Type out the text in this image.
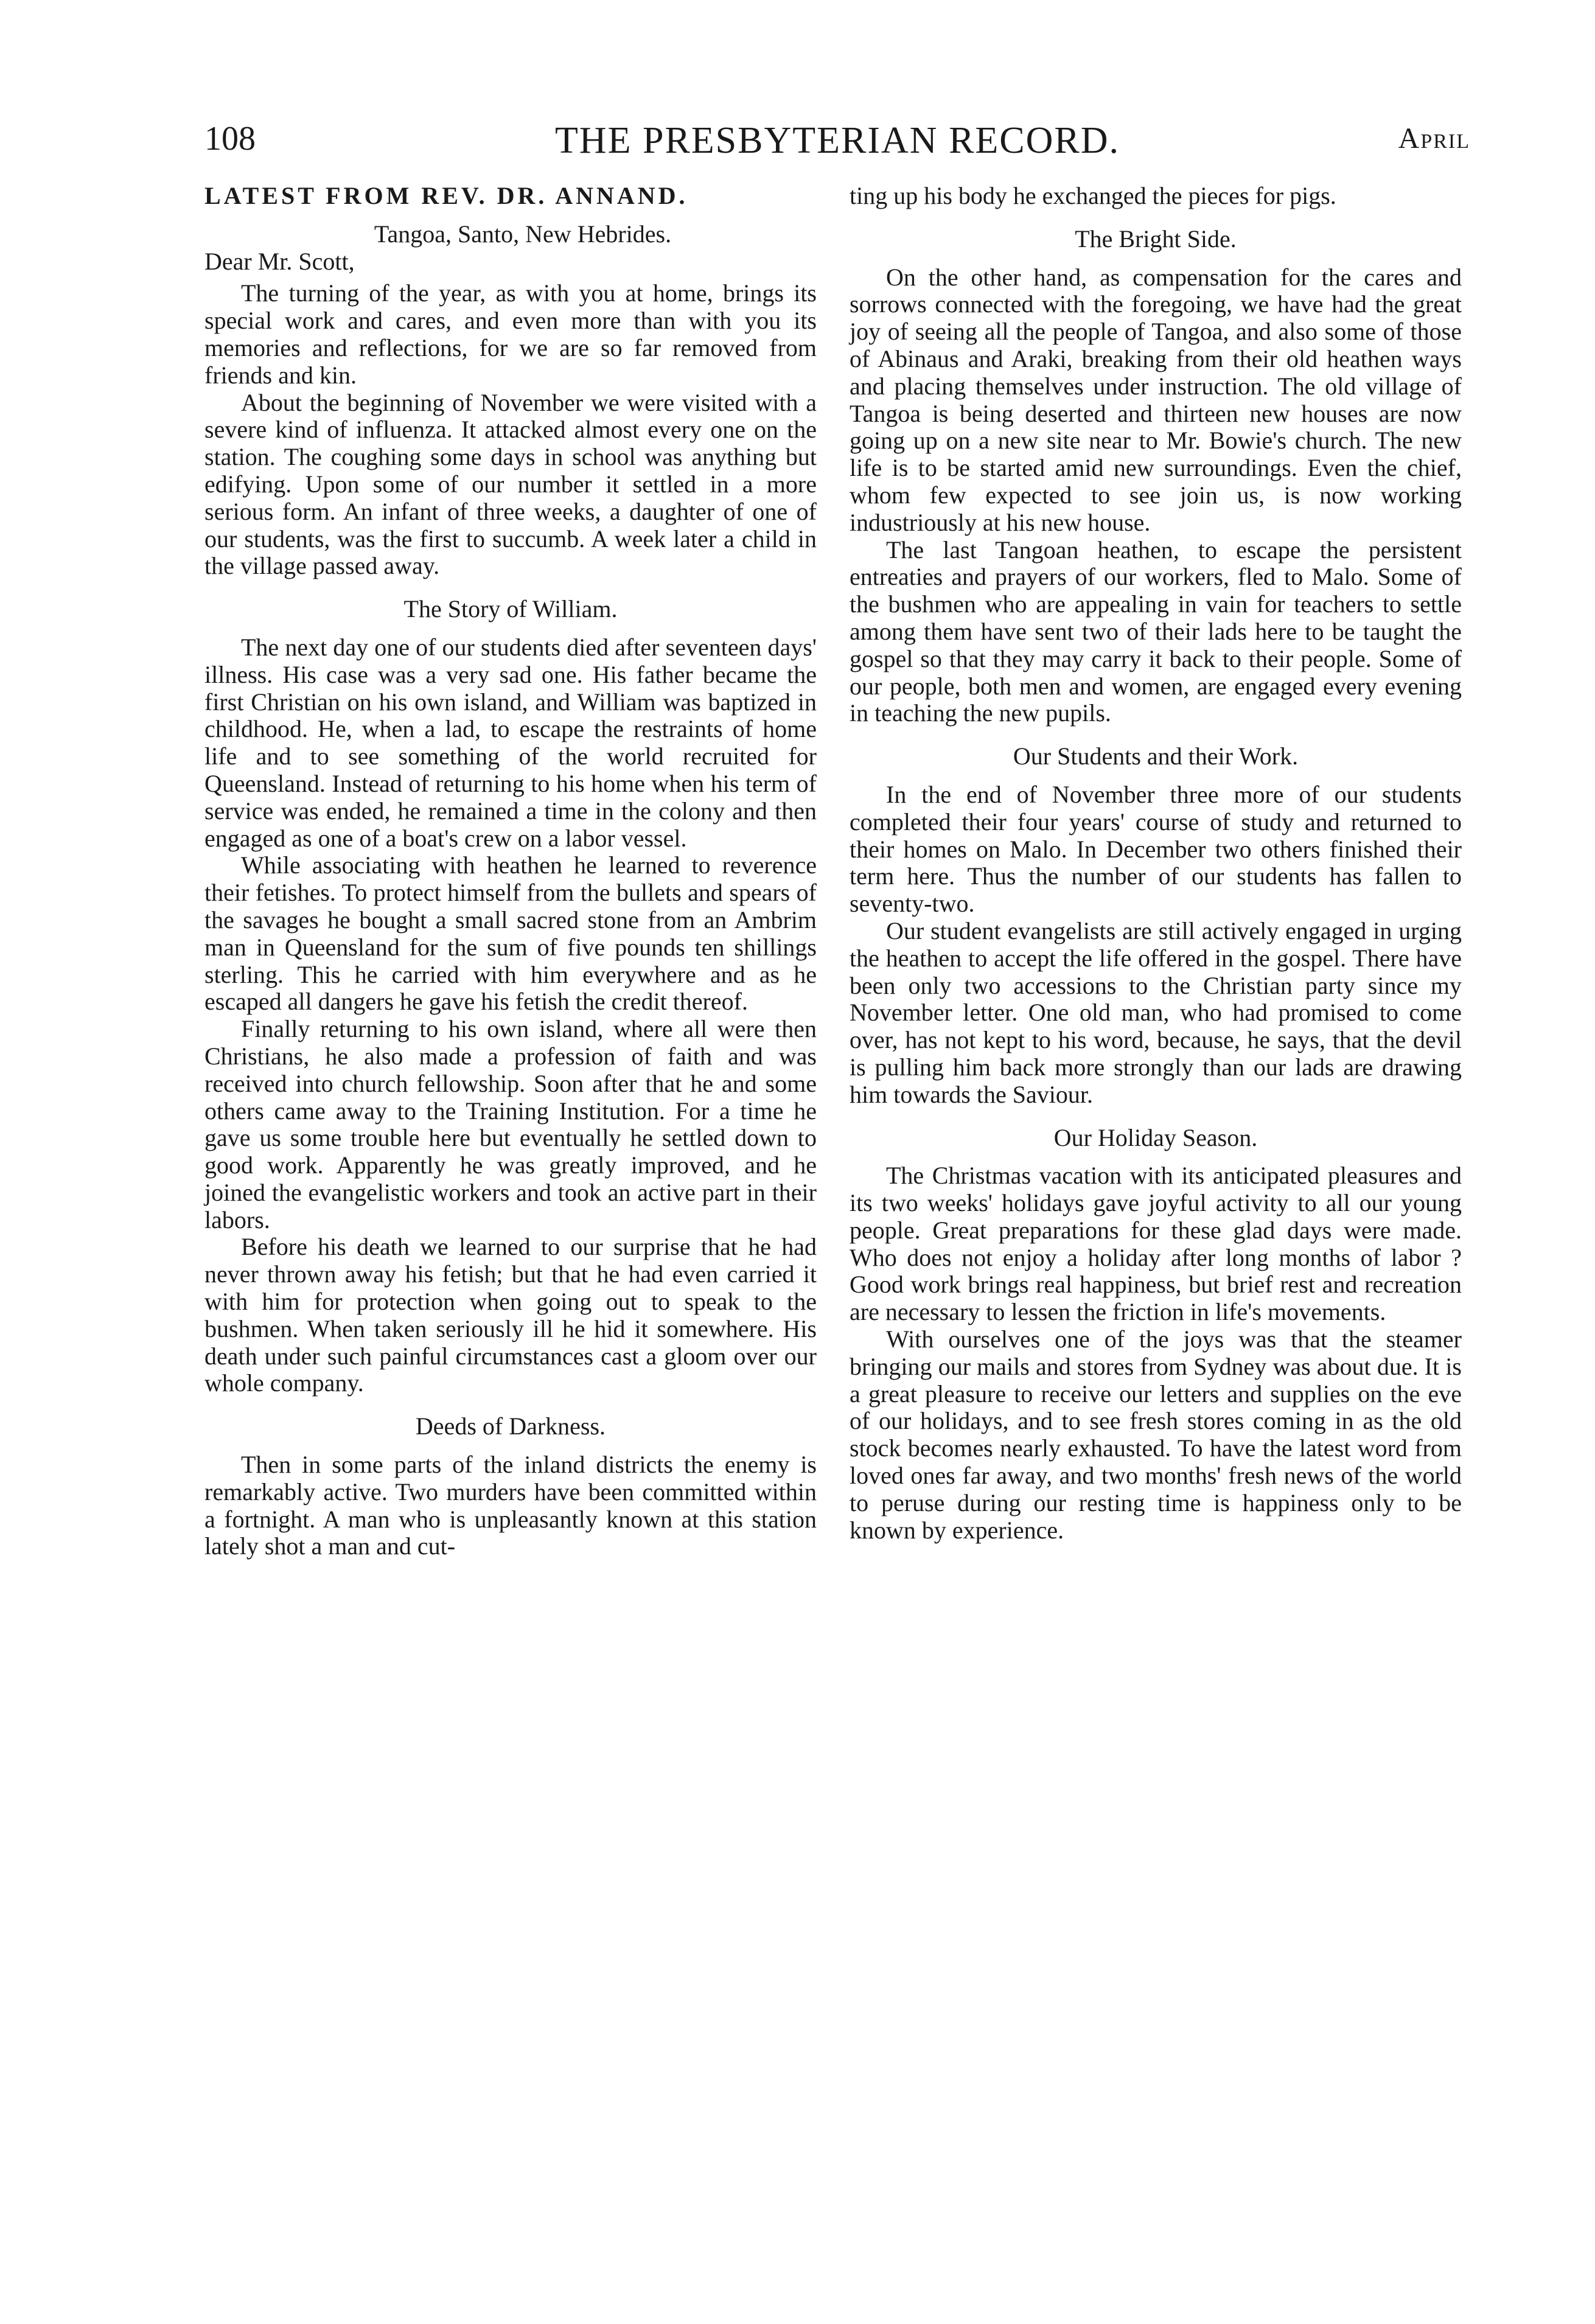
108	THE PRESBYTERIAN RECORD.	April
LATEST FROM REV. DR. ANNAND.
Tangoa, Santo, New Hebrides.
Dear Mr. Scott,

The turning of the year, as with you at home, brings its special work and cares, and even more than with you its memories and reflections, for we are so far removed from friends and kin.

About the beginning of November we were visited with a severe kind of influenza. It attacked almost every one on the station. The coughing some days in school was anything but edifying. Upon some of our number it settled in a more serious form. An infant of three weeks, a daughter of one of our students, was the first to succumb. A week later a child in the village passed away.

The Story of William.

The next day one of our students died after seventeen days' illness. His case was a very sad one. His father became the first Christian on his own island, and William was baptized in childhood. He, when a lad, to escape the restraints of home life and to see something of the world recruited for Queensland. Instead of returning to his home when his term of service was ended, he remained a time in the colony and then engaged as one of a boat's crew on a labor vessel.

While associating with heathen he learned to reverence their fetishes. To protect himself from the bullets and spears of the savages he bought a small sacred stone from an Ambrim man in Queensland for the sum of five pounds ten shillings sterling. This he carried with him everywhere and as he escaped all dangers he gave his fetish the credit thereof.

Finally returning to his own island, where all were then Christians, he also made a profession of faith and was received into church fellowship. Soon after that he and some others came away to the Training Institution. For a time he gave us some trouble here but eventually he settled down to good work. Apparently he was greatly improved, and he joined the evangelistic workers and took an active part in their labors.

Before his death we learned to our surprise that he had never thrown away his fetish; but that he had even carried it with him for protection when going out to speak to the bushmen. When taken seriously ill he hid it somewhere. His death under such painful circumstances cast a gloom over our whole company.

Deeds of Darkness.

Then in some parts of the inland districts the enemy is remarkably active. Two murders have been committed within a fortnight. A man who is unpleasantly known at this station lately shot a man and cut-

ting up his body he exchanged the pieces for pigs.

The Bright Side.

On the other hand, as compensation for the cares and sorrows connected with the foregoing, we have had the great joy of seeing all the people of Tangoa, and also some of those of Abinaus and Araki, breaking from their old heathen ways and placing themselves under instruction. The old village of Tangoa is being deserted and thirteen new houses are now going up on a new site near to Mr. Bowie's church. The new life is to be started amid new surroundings. Even the chief, whom few expected to see join us, is now working industriously at his new house.

The last Tangoan heathen, to escape the persistent entreaties and prayers of our workers, fled to Malo. Some of the bushmen who are appealing in vain for teachers to settle among them have sent two of their lads here to be taught the gospel so that they may carry it back to their people. Some of our people, both men and women, are engaged every evening in teaching the new pupils.

Our Students and their Work.

In the end of November three more of our students completed their four years' course of study and returned to their homes on Malo. In December two others finished their term here. Thus the number of our students has fallen to seventy-two.

Our student evangelists are still actively engaged in urging the heathen to accept the life offered in the gospel. There have been only two accessions to the Christian party since my November letter. One old man, who had promised to come over, has not kept to his word, because, he says, that the devil is pulling him back more strongly than our lads are drawing him towards the Saviour.

Our Holiday Season.

The Christmas vacation with its anticipated pleasures and its two weeks' holidays gave joyful activity to all our young people. Great preparations for these glad days were made. Who does not enjoy a holiday after long months of labor ? Good work brings real happiness, but brief rest and recreation are necessary to lessen the friction in life's movements.

With ourselves one of the joys was that the steamer bringing our mails and stores from Sydney was about due. It is a great pleasure to receive our letters and supplies on the eve of our holidays, and to see fresh stores coming in as the old stock becomes nearly exhausted. To have the latest word from loved ones far away, and two months' fresh news of the world to peruse during our resting time is happiness only to be known by experience.
